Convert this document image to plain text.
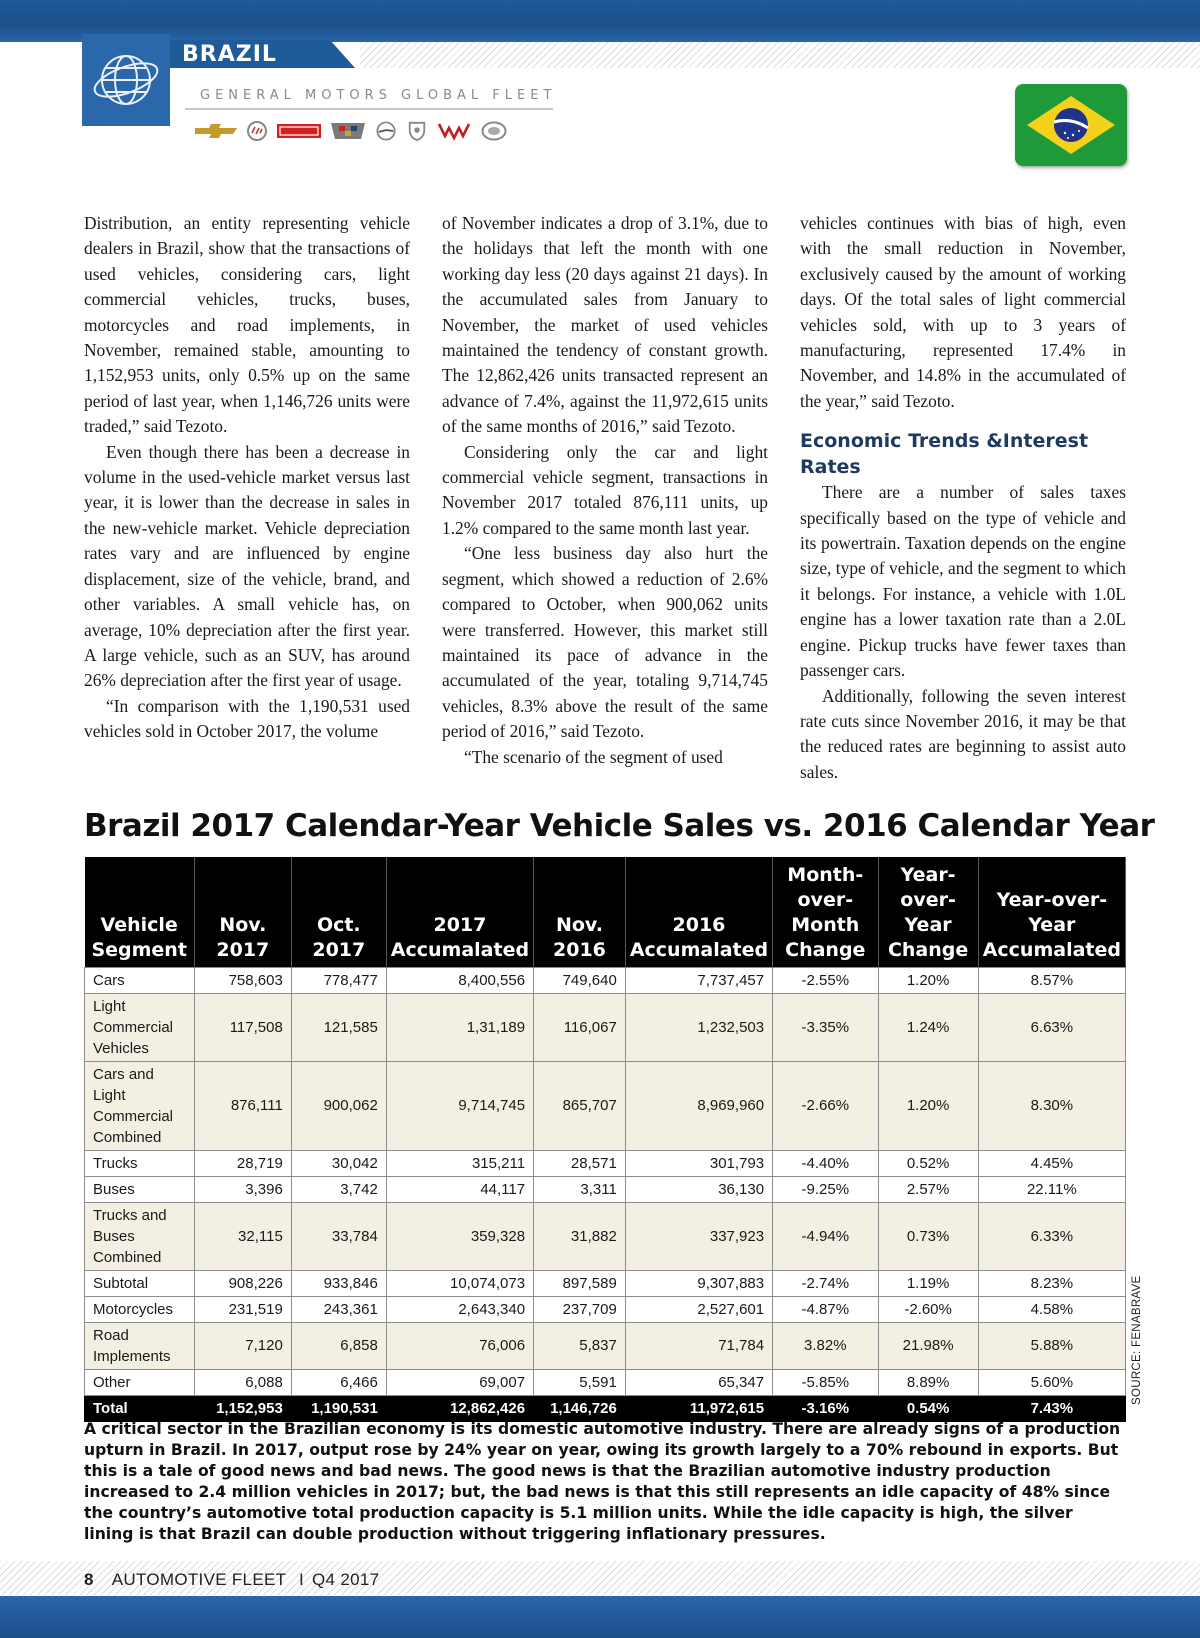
BRAZIL
GENERAL MOTORS GLOBAL FLEET

Distribution, an entity representing vehicle dealers in Brazil, show that the transactions of used vehicles, considering cars, light commercial vehicles, trucks, buses, motorcycles and road implements, in November, remained stable, amounting to 1,152,953 units, only 0.5% up on the same period of last year, when 1,146,726 units were traded,” said Tezoto.

Even though there has been a decrease in volume in the used-vehicle market versus last year, it is lower than the decrease in sales in the new-vehicle market. Vehicle depreciation rates vary and are influenced by engine displacement, size of the vehicle, brand, and other variables. A small vehicle has, on average, 10% depreciation after the first year. A large vehicle, such as an SUV, has around 26% depreciation after the first year of usage.

“In comparison with the 1,190,531 used vehicles sold in October 2017, the volume

of November indicates a drop of 3.1%, due to the holidays that left the month with one working day less (20 days against 21 days). In the accumulated sales from January to November, the market of used vehicles maintained the tendency of constant growth. The 12,862,426 units transacted represent an advance of 7.4%, against the 11,972,615 units of the same months of 2016,” said Tezoto.

Considering only the car and light commercial vehicle segment, transactions in November 2017 totaled 876,111 units, up 1.2% compared to the same month last year.

“One less business day also hurt the segment, which showed a reduction of 2.6% compared to October, when 900,062 units were transferred. However, this market still maintained its pace of advance in the accumulated of the year, totaling 9,714,745 vehicles, 8.3% above the result of the same period of 2016,” said Tezoto.

“The scenario of the segment of used

vehicles continues with bias of high, even with the small reduction in November, exclusively caused by the amount of working days. Of the total sales of light commercial vehicles sold, with up to 3 years of manufacturing, represented 17.4% in November, and 14.8% in the accumulated of the year,” said Tezoto.

Economic Trends &Interest Rates

There are a number of sales taxes specifically based on the type of vehicle and its powertrain. Taxation depends on the engine size, type of vehicle, and the segment to which it belongs. For instance, a vehicle with 1.0L engine has a lower taxation rate than a 2.0L engine. Pickup trucks have fewer taxes than passenger cars.

Additionally, following the seven interest rate cuts since November 2016, it may be that the reduced rates are beginning to assist auto sales.

Brazil 2017 Calendar-Year Vehicle Sales vs. 2016 Calendar Year
Vehicle Segment	Nov. 2017	Oct. 2017	2017 Accumalated	Nov. 2016	2016 Accumalated	Month-over-Month Change	Year-over-Year Change	Year-over-Year Accumalated
Cars	758,603	778,477	8,400,556	749,640	7,737,457	-2.55%	1.20%	8.57%
Light Commercial Vehicles	117,508	121,585	1,31,189	116,067	1,232,503	-3.35%	1.24%	6.63%
Cars and Light Commercial Combined	876,111	900,062	9,714,745	865,707	8,969,960	-2.66%	1.20%	8.30%
Trucks	28,719	30,042	315,211	28,571	301,793	-4.40%	0.52%	4.45%
Buses	3,396	3,742	44,117	3,311	36,130	-9.25%	2.57%	22.11%
Trucks and Buses Combined	32,115	33,784	359,328	31,882	337,923	-4.94%	0.73%	6.33%
Subtotal	908,226	933,846	10,074,073	897,589	9,307,883	-2.74%	1.19%	8.23%
Motorcycles	231,519	243,361	2,643,340	237,709	2,527,601	-4.87%	-2.60%	4.58%
Road Implements	7,120	6,858	76,006	5,837	71,784	3.82%	21.98%	5.88%
Other	6,088	6,466	69,007	5,591	65,347	-5.85%	8.89%	5.60%
Total	1,152,953	1,190,531	12,862,426	1,146,726	11,972,615	-3.16%	0.54%	7.43%
SOURCE: FENABRAVE
A critical sector in the Brazilian economy is its domestic automotive industry. There are already signs of a production upturn in Brazil. In 2017, output rose by 24% year on year, owing its growth largely to a 70% rebound in exports. But this is a tale of good news and bad news. The good news is that the Brazilian automotive industry production increased to 2.4 million vehicles in 2017; but, the bad news is that this still represents an idle capacity of 48% since the country’s automotive total production capacity is 5.1 million units. While the idle capacity is high, the silver lining is that Brazil can double production without triggering inflationary pressures.
8 AUTOMOTIVE FLEET I Q4 2017
